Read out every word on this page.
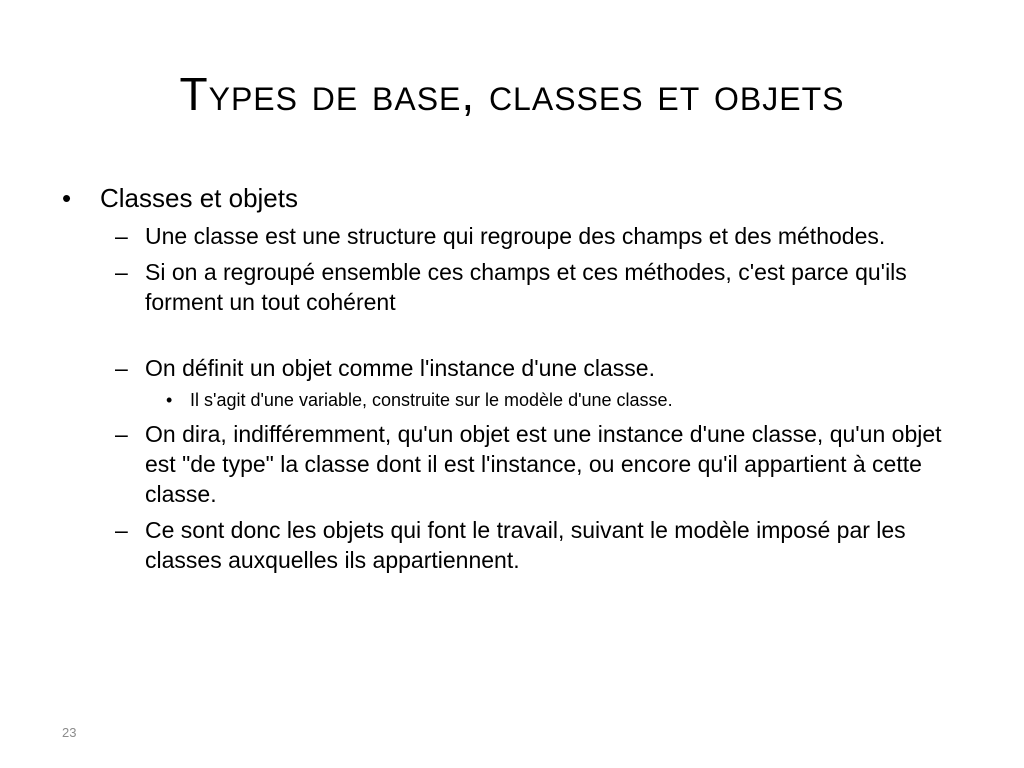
Types de base, classes et objets
• Classes et objets
– Une classe est une structure qui regroupe des champs et des méthodes.
– Si on a regroupé ensemble ces champs et ces méthodes, c'est parce qu'ils forment un tout cohérent
– On définit un objet comme l'instance d'une classe.
• Il s'agit d'une variable, construite sur le modèle d'une classe.
– On dira, indifféremment, qu'un objet est une instance d'une classe, qu'un objet est "de type" la classe dont il est l'instance, ou encore qu'il appartient à cette classe.
– Ce sont donc les objets qui font le travail, suivant le modèle imposé par les classes auxquelles ils appartiennent.
23
